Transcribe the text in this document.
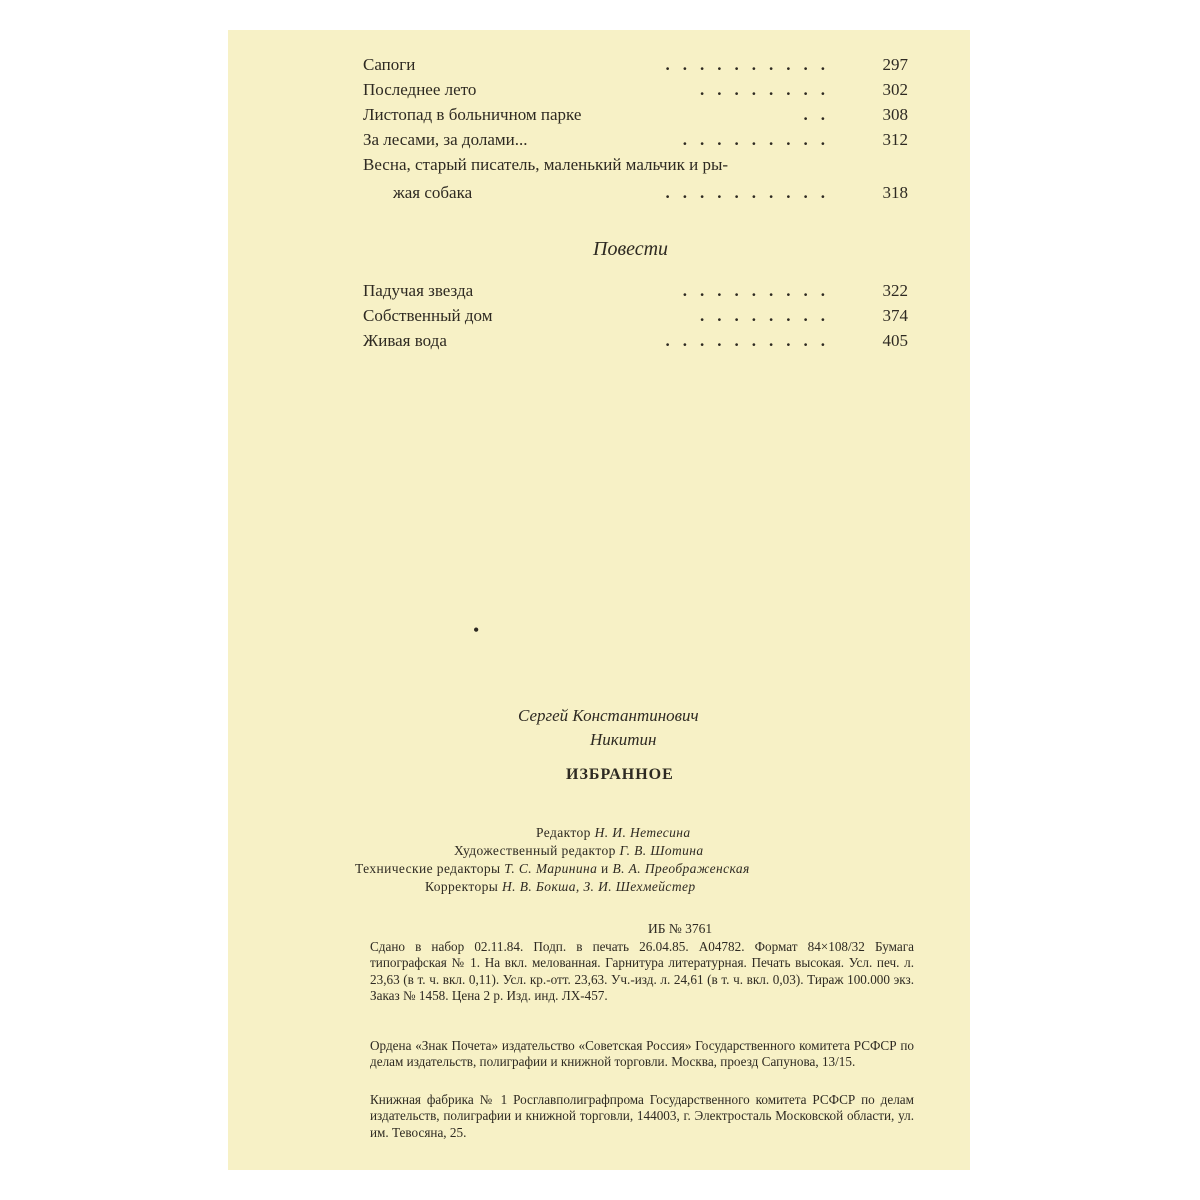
Сапоги	..........	297
Последнее лето	........	302
Листопад в больничном парке	..	308
За лесами, за долами...	.........	312
Весна, старый писатель, маленький мальчик и ры-
жая собака	..........	318
Повести
Падучая звезда	.........	322
Собственный дом	........	374
Живая вода	..........	405
•
Сергей Константинович
Никитин
ИЗБРАННОЕ
Редактор Н. И. Нетесина
Художественный редактор Г. В. Шотина
Технические редакторы Т. С. Маринина и В. А. Преображенская
Корректоры Н. В. Бокша, З. И. Шехмейстер
ИБ № 3761

Сдано в набор 02.11.84. Подп. в печать 26.04.85. А04782. Формат 84×108/32 Бумага типографская № 1. На вкл. мелованная. Гарнитура литературная. Печать высокая. Усл. печ. л. 23,63 (в т. ч. вкл. 0,11). Усл. кр.-отт. 23,63. Уч.-изд. л. 24,61 (в т. ч. вкл. 0,03). Тираж 100.000 экз. Заказ № 1458. Цена 2 р. Изд. инд. ЛХ-457.

Ордена «Знак Почета» издательство «Советская Россия» Государственного комитета РСФСР по делам издательств, полиграфии и книжной торговли. Москва, проезд Сапунова, 13/15.

Книжная фабрика № 1 Росглавполиграфпрома Государственного комитета РСФСР по делам издательств, полиграфии и книжной торговли, 144003, г. Электросталь Московской области, ул. им. Тевосяна, 25.
